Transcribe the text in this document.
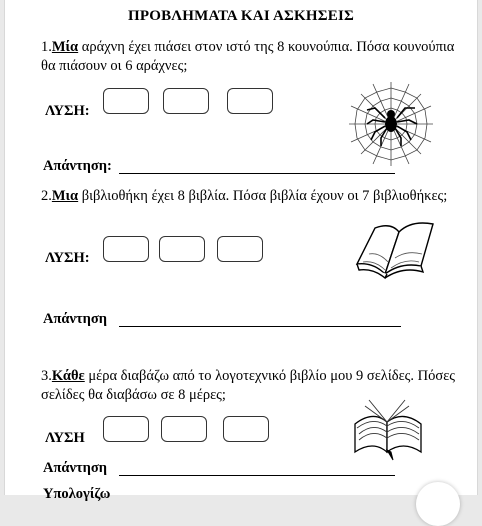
ΠΡΟΒΛΗΜΑΤΑ ΚΑΙ ΑΣΚΗΣΕΙΣ
1.Μία αράχνη έχει πιάσει στον ιστό της 8 κουνούπια. Πόσα κουνούπια θα πιάσουν οι 6 αράχνες;
ΛΥΣΗ:
Απάντηση:
2.Μια βιβλιοθήκη έχει 8 βιβλία. Πόσα βιβλία έχουν οι 7 βιβλιοθήκες;
ΛΥΣΗ:
Απάντηση
3.Κάθε μέρα διαβάζω από το λογοτεχνικό βιβλίο μου 9 σελίδες. Πόσες σελίδες θα διαβάσω σε 8 μέρες;
ΛΥΣΗ
Απάντηση
Υπολογίζω
